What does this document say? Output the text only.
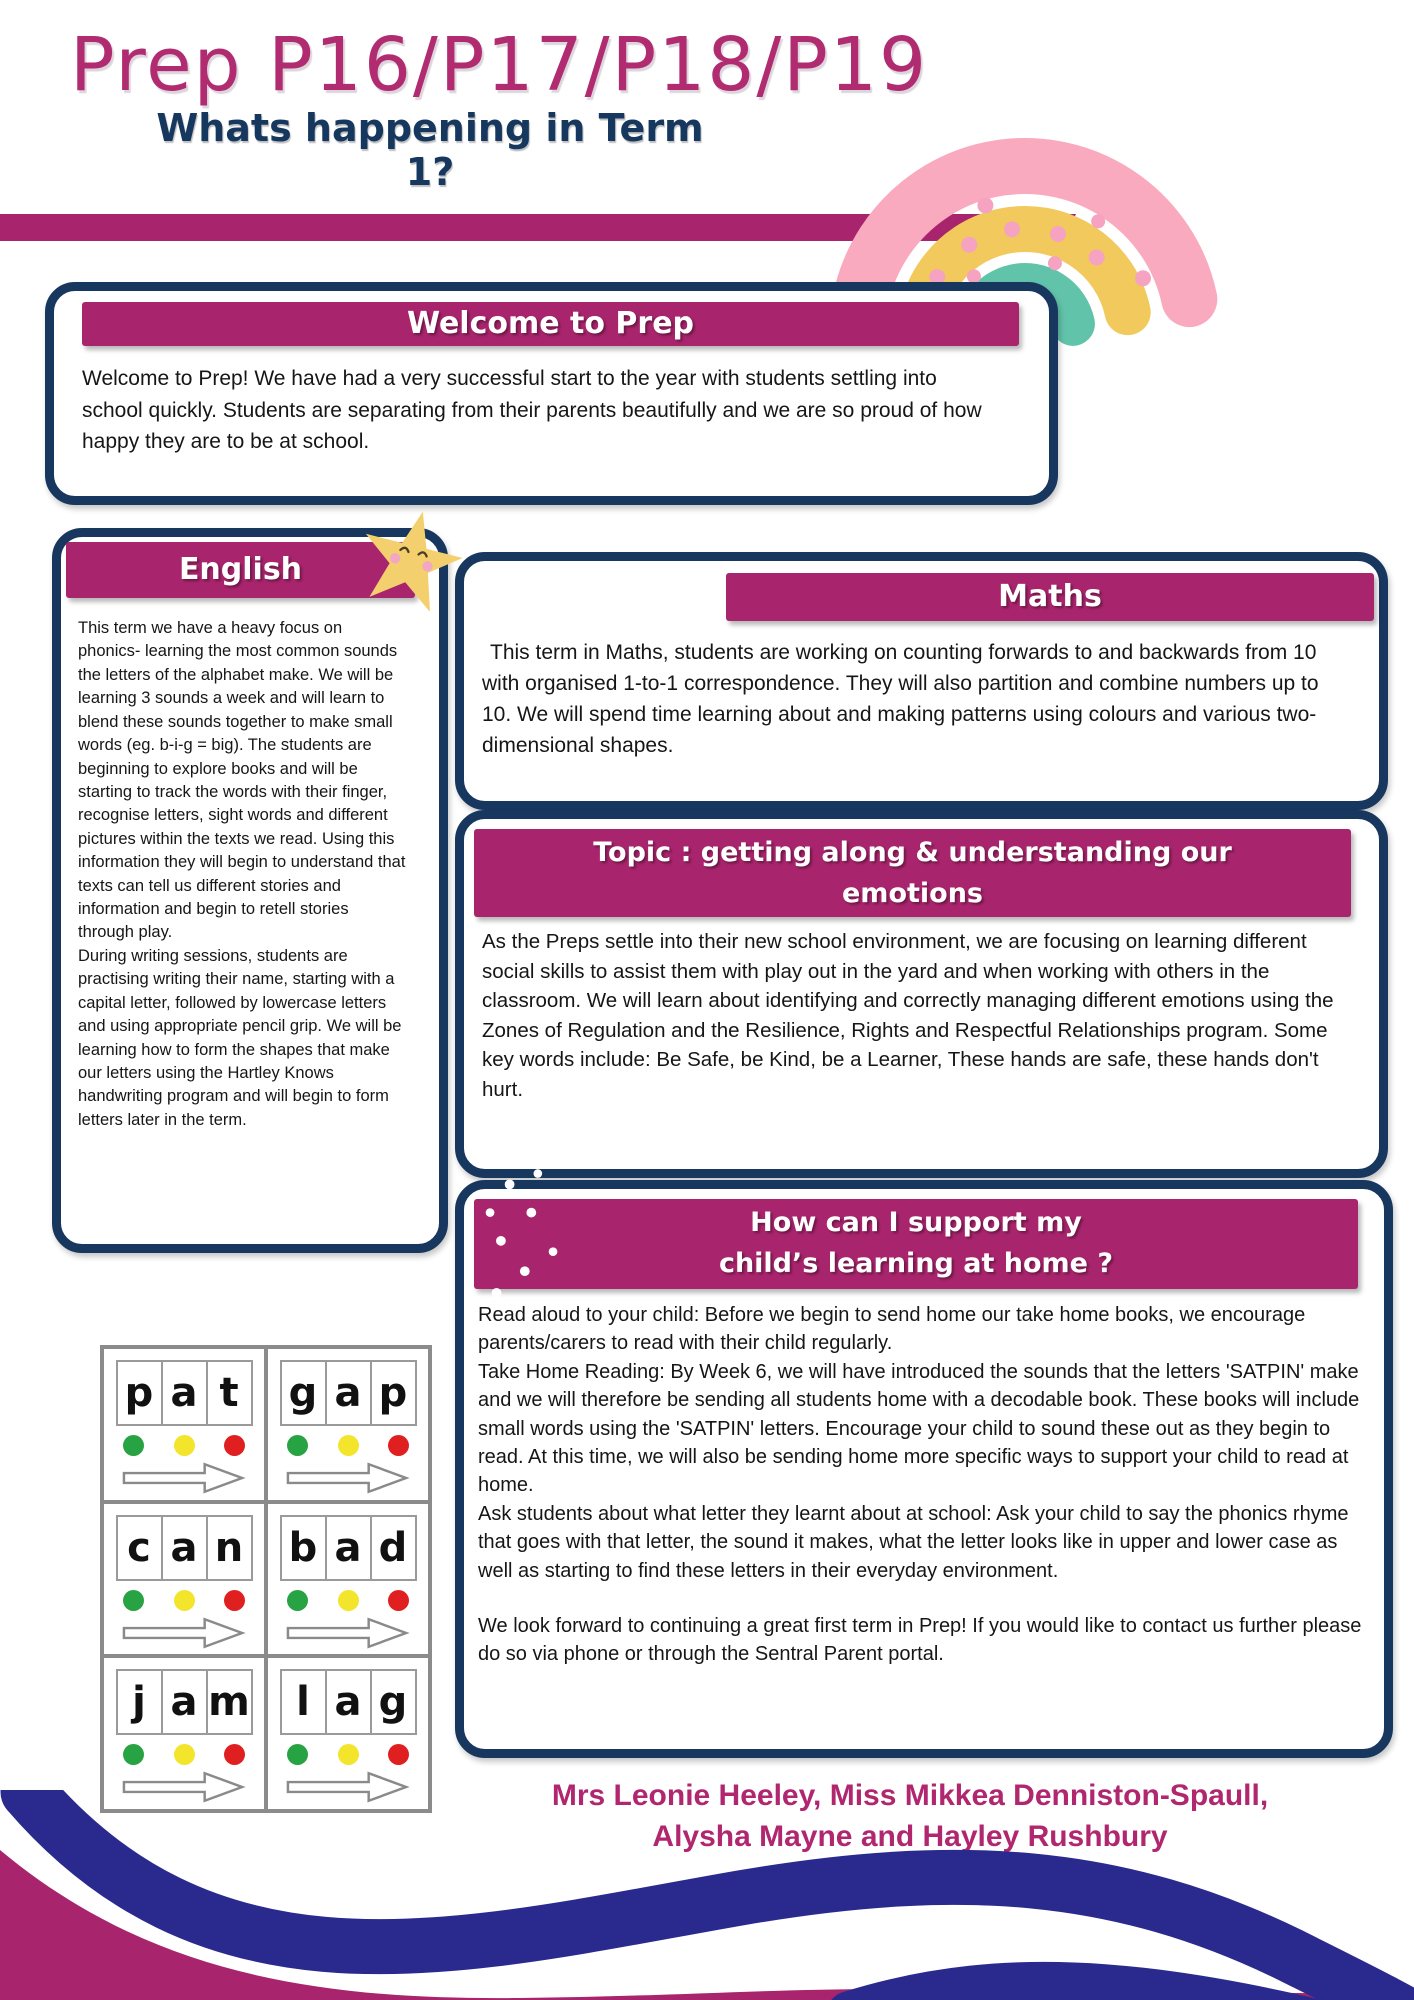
Prep P16/P17/P18/P19
Whats happening in Term 1?
Welcome to Prep
Welcome to Prep! We have had a very successful start to the year with students settling into school quickly. Students are separating from their parents beautifully and we are so proud of how happy they are to be at school.
English

This term we have a heavy focus on phonics- learning the most common sounds the letters of the alphabet make. We will be learning 3 sounds a week and will learn to blend these sounds together to make small words (eg. b-i-g = big). The students are beginning to explore books and will be starting to track the words with their finger, recognise letters, sight words and different pictures within the texts we read. Using this information they will begin to understand that texts can tell us different stories and information and begin to retell stories through play.

During writing sessions, students are practising writing their name, starting with a capital letter, followed by lowercase letters and using appropriate pencil grip. We will be learning how to form the shapes that make our letters using the Hartley Knows handwriting program and will begin to form letters later in the term.

Maths
This term in Maths, students are working on counting forwards to and backwards from 10 with organised 1-to-1 correspondence. They will also partition and combine numbers up to 10. We will spend time learning about and making patterns using colours and various two-dimensional shapes.
Topic : getting along & understanding our
emotions
As the Preps settle into their new school environment, we are focusing on learning different social skills to assist them with play out in the yard and when working with others in the classroom. We will learn about identifying and correctly managing different emotions using the Zones of Regulation and the Resilience, Rights and Respectful Relationships program. Some key words include: Be Safe, be Kind, be a Learner, These hands are safe, these hands don't hurt.
How can I support my
child’s learning at home ?

Read aloud to your child: Before we begin to send home our take home books, we encourage parents/carers to read with their child regularly.

Take Home Reading: By Week 6, we will have introduced the sounds that the letters 'SATPIN' make and we will therefore be sending all students home with a decodable book. These books will include small words using the 'SATPIN' letters. Encourage your child to sound these out as they begin to read. At this time, we will also be sending home more specific ways to support your child to read at home.

Ask students about what letter they learnt about at school: Ask your child to say the phonics rhyme that goes with that letter, the sound it makes, what the letter looks like in upper and lower case as well as starting to find these letters in their everyday environment.

We look forward to continuing a great first term in Prep! If you would like to contact us further please do so via phone or through the Sentral Parent portal.

p a t	g a p
c a n b a d
j a m	l a g
Mrs Leonie Heeley, Miss Mikkea Denniston-Spaull,
Alysha Mayne and Hayley Rushbury
